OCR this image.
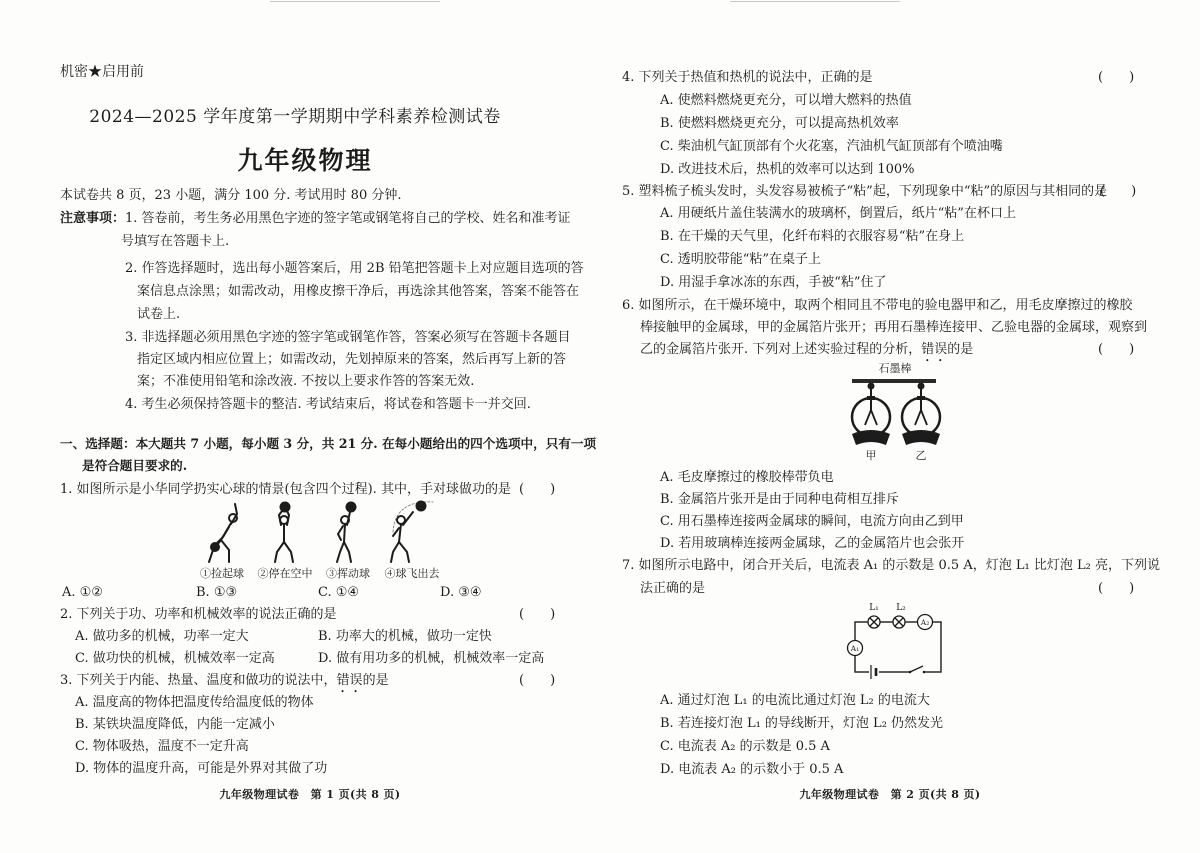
机密★启用前
2024—2025 学年度第一学期期中学科素养检测试卷
九年级物理
本试卷共 8 页，23 小题，满分 100 分. 考试用时 80 分钟.
注意事项：1. 答卷前，考生务必用黑色字迹的签字笔或钢笔将自己的学校、姓名和准考证
号填写在答题卡上.
2. 作答选择题时，选出每小题答案后，用 2B 铅笔把答题卡上对应题目选项的答
案信息点涂黑；如需改动，用橡皮擦干净后，再选涂其他答案，答案不能答在
试卷上.
3. 非选择题必须用黑色字迹的签字笔或钢笔作答，答案必须写在答题卡各题目
指定区域内相应位置上；如需改动，先划掉原来的答案，然后再写上新的答
案；不准使用铅笔和涂改液. 不按以上要求作答的答案无效.
4. 考生必须保持答题卡的整洁. 考试结束后，将试卷和答题卡一并交回.
一、选择题：本大题共 7 小题，每小题 3 分，共 21 分. 在每小题给出的四个选项中，只有一项
是符合题目要求的.
1. 如图所示是小华同学扔实心球的情景(包含四个过程). 其中，手对球做功的是 (　　)
①捡起球	②停在空中	③挥动球	④球飞出去
A. ①②	B. ①③	C. ①④	D. ③④
2. 下列关于功、功率和机械效率的说法正确的是	(　　)
A. 做功多的机械，功率一定大	B. 功率大的机械，做功一定快
C. 做功快的机械，机械效率一定高	D. 做有用功多的机械，机械效率一定高
3. 下列关于内能、热量、温度和做功的说法中，错误的是	(　　)
A. 温度高的物体把温度传给温度低的物体
B. 某铁块温度降低，内能一定减小
C. 物体吸热，温度不一定升高
D. 物体的温度升高，可能是外界对其做了功
九年级物理试卷　第 1 页(共 8 页)
4. 下列关于热值和热机的说法中，正确的是	(　　)
A. 使燃料燃烧更充分，可以增大燃料的热值
B. 使燃料燃烧更充分，可以提高热机效率
C. 柴油机气缸顶部有个火花塞，汽油机气缸顶部有个喷油嘴
D. 改进技术后，热机的效率可以达到 100%
5. 塑料梳子梳头发时，头发容易被梳子“粘”起，下列现象中“粘”的原因与其相同的是
(　　)
A. 用硬纸片盖住装满水的玻璃杯，倒置后，纸片“粘”在杯口上
B. 在干燥的天气里，化纤布料的衣服容易“粘”在身上
C. 透明胶带能“粘”在桌子上
D. 用湿手拿冰冻的东西，手被“粘”住了
6. 如图所示，在干燥环境中，取两个相同且不带电的验电器甲和乙，用毛皮摩擦过的橡胶
棒接触甲的金属球，甲的金属箔片张开；再用石墨棒连接甲、乙验电器的金属球，观察到
乙的金属箔片张开. 下列对上述实验过程的分析，错误的是	(　　)
石墨棒
甲	乙
A. 毛皮摩擦过的橡胶棒带负电
B. 金属箔片张开是由于同种电荷相互排斥
C. 用石墨棒连接两金属球的瞬间，电流方向由乙到甲
D. 若用玻璃棒连接两金属球，乙的金属箔片也会张开
7. 如图所示电路中，闭合开关后，电流表 A₁ 的示数是 0.5 A，灯泡 L₁ 比灯泡 L₂ 亮，下列说
法正确的是	(　　)
L₁ L₂
A₂
A₁
A. 通过灯泡 L₁ 的电流比通过灯泡 L₂ 的电流大
B. 若连接灯泡 L₁ 的导线断开，灯泡 L₂ 仍然发光
C. 电流表 A₂ 的示数是 0.5 A
D. 电流表 A₂ 的示数小于 0.5 A
九年级物理试卷　第 2 页(共 8 页)
